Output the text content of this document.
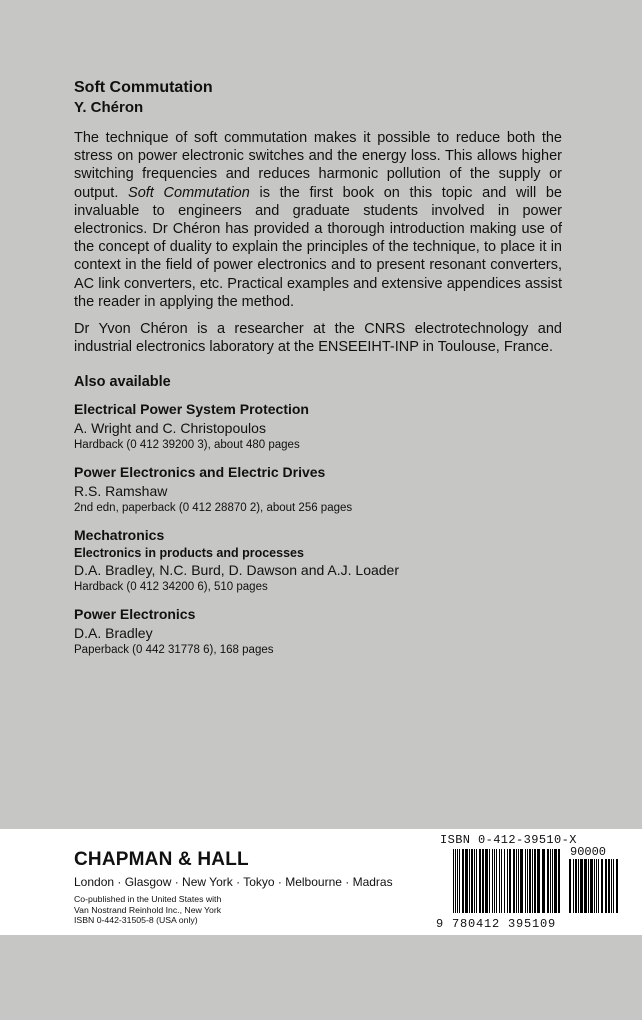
Soft Commutation
Y. Chéron

The technique of soft commutation makes it possible to reduce both the stress on power electronic switches and the energy loss. This allows higher switching frequencies and reduces harmonic pollution of the supply or output. Soft Commutation is the first book on this topic and will be invaluable to engineers and graduate students involved in power electronics. Dr Chéron has provided a thorough introduction making use of the concept of duality to explain the principles of the technique, to place it in context in the field of power electronics and to present resonant converters, AC link converters, etc. Practical examples and extensive appendices assist the reader in applying the method.

Dr Yvon Chéron is a researcher at the CNRS electrotechnology and industrial electronics laboratory at the ENSEEIHT-INP in Toulouse, France.

Also available
Electrical Power System Protection
A. Wright and C. Christopoulos
Hardback (0 412 39200 3), about 480 pages
Power Electronics and Electric Drives
R.S. Ramshaw
2nd edn, paperback (0 412 28870 2), about 256 pages
Mechatronics
Electronics in products and processes
D.A. Bradley, N.C. Burd, D. Dawson and A.J. Loader
Hardback (0 412 34200 6), 510 pages
Power Electronics
D.A. Bradley
Paperback (0 442 31778 6), 168 pages
CHAPMAN & HALL
London · Glasgow · New York · Tokyo · Melbourne · Madras
Co-published in the United States with
Van Nostrand Reinhold Inc., New York
ISBN 0-442-31505-8 (USA only)
ISBN 0-412-39510-X
90000
9 780412 395109
